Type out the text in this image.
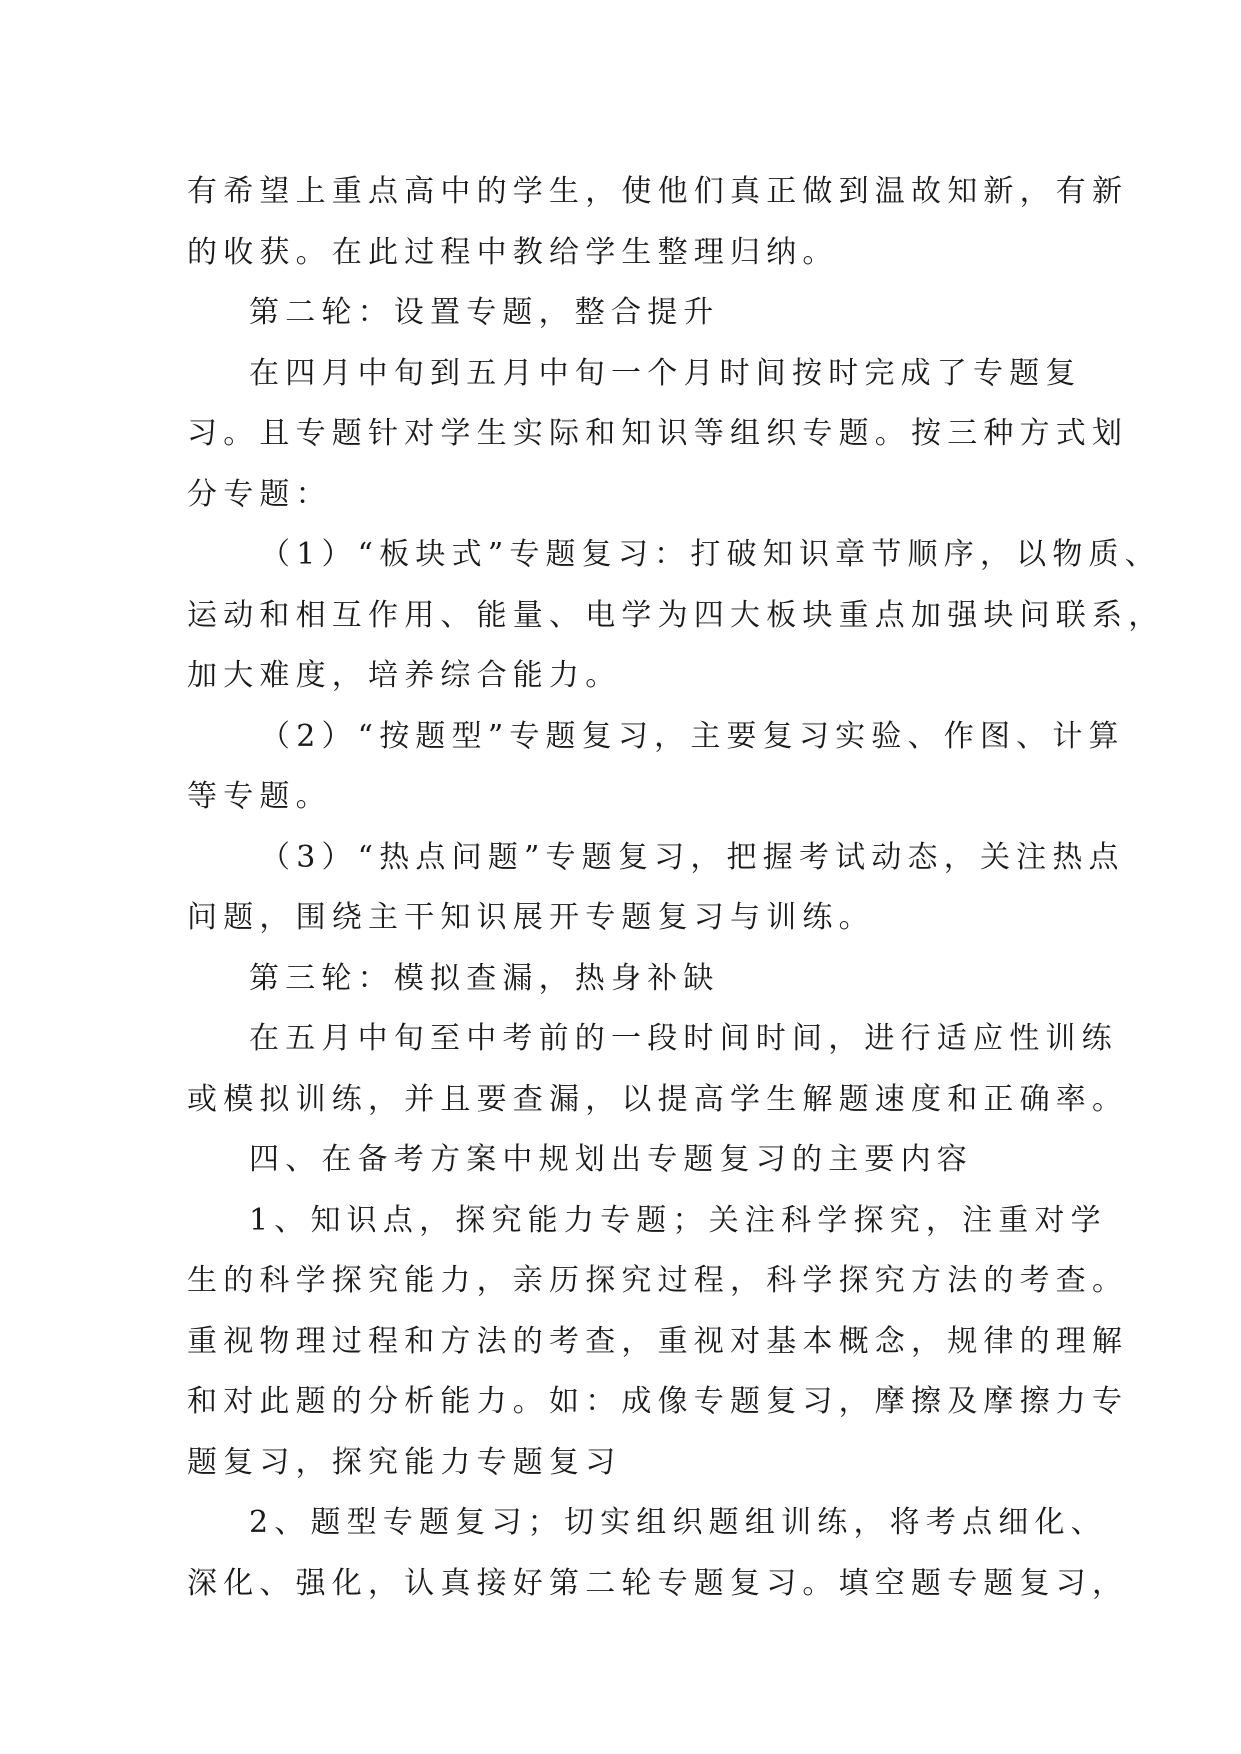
有希望上重点高中的学生，使他们真正做到温故知新，有新
的收获。在此过程中教给学生整理归纳。
第二轮：设置专题，整合提升
在四月中旬到五月中旬一个月时间按时完成了专题复
习。且专题针对学生实际和知识等组织专题。按三种方式划
分专题：
（1）“板块式”专题复习：打破知识章节顺序，以物质、
运动和相互作用、能量、电学为四大板块重点加强块问联系，
加大难度，培养综合能力。
（2）“按题型”专题复习，主要复习实验、作图、计算
等专题。
（3）“热点问题”专题复习，把握考试动态，关注热点
问题，围绕主干知识展开专题复习与训练。
第三轮：模拟查漏，热身补缺
在五月中旬至中考前的一段时间时间，进行适应性训练
或模拟训练，并且要查漏，以提高学生解题速度和正确率。
四、在备考方案中规划出专题复习的主要内容
1、知识点，探究能力专题；关注科学探究，注重对学
生的科学探究能力，亲历探究过程，科学探究方法的考查。
重视物理过程和方法的考查，重视对基本概念，规律的理解
和对此题的分析能力。如：成像专题复习，摩擦及摩擦力专
题复习，探究能力专题复习
2、题型专题复习；切实组织题组训练，将考点细化、
深化、强化，认真接好第二轮专题复习。填空题专题复习，
